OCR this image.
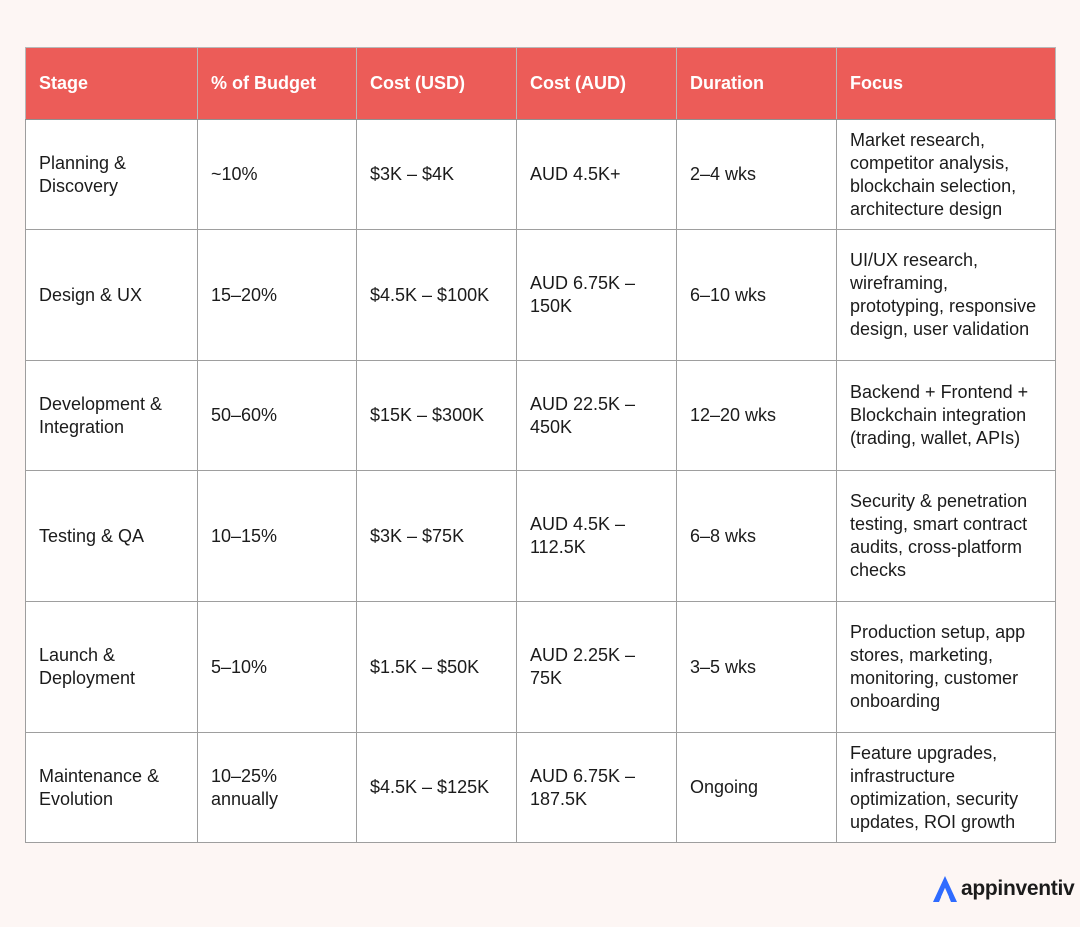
Stage	% of Budget	Cost (USD)	Cost (AUD)	Duration	Focus
Planning & Discovery	~10%	$3K – $4K	AUD 4.5K+	2–4 wks	Market research, competitor analysis, blockchain selection, architecture design
Design & UX	15–20%	$4.5K – $100K	AUD 6.75K – 150K	6–10 wks	UI/UX research, wireframing, prototyping, responsive design, user validation
Development & Integration	50–60%	$15K – $300K	AUD 22.5K – 450K	12–20 wks	Backend + Frontend + Blockchain integration (trading, wallet, APIs)
Testing & QA	10–15%	$3K – $75K	AUD 4.5K – 112.5K	6–8 wks	Security & penetration testing, smart contract audits, cross-platform checks
Launch & Deployment	5–10%	$1.5K – $50K	AUD 2.25K – 75K	3–5 wks	Production setup, app stores, marketing, monitoring, customer onboarding
Maintenance & Evolution	10–25% annually	$4.5K – $125K	AUD 6.75K – 187.5K	Ongoing	Feature upgrades, infrastructure optimization, security updates, ROI growth
appinventiv
